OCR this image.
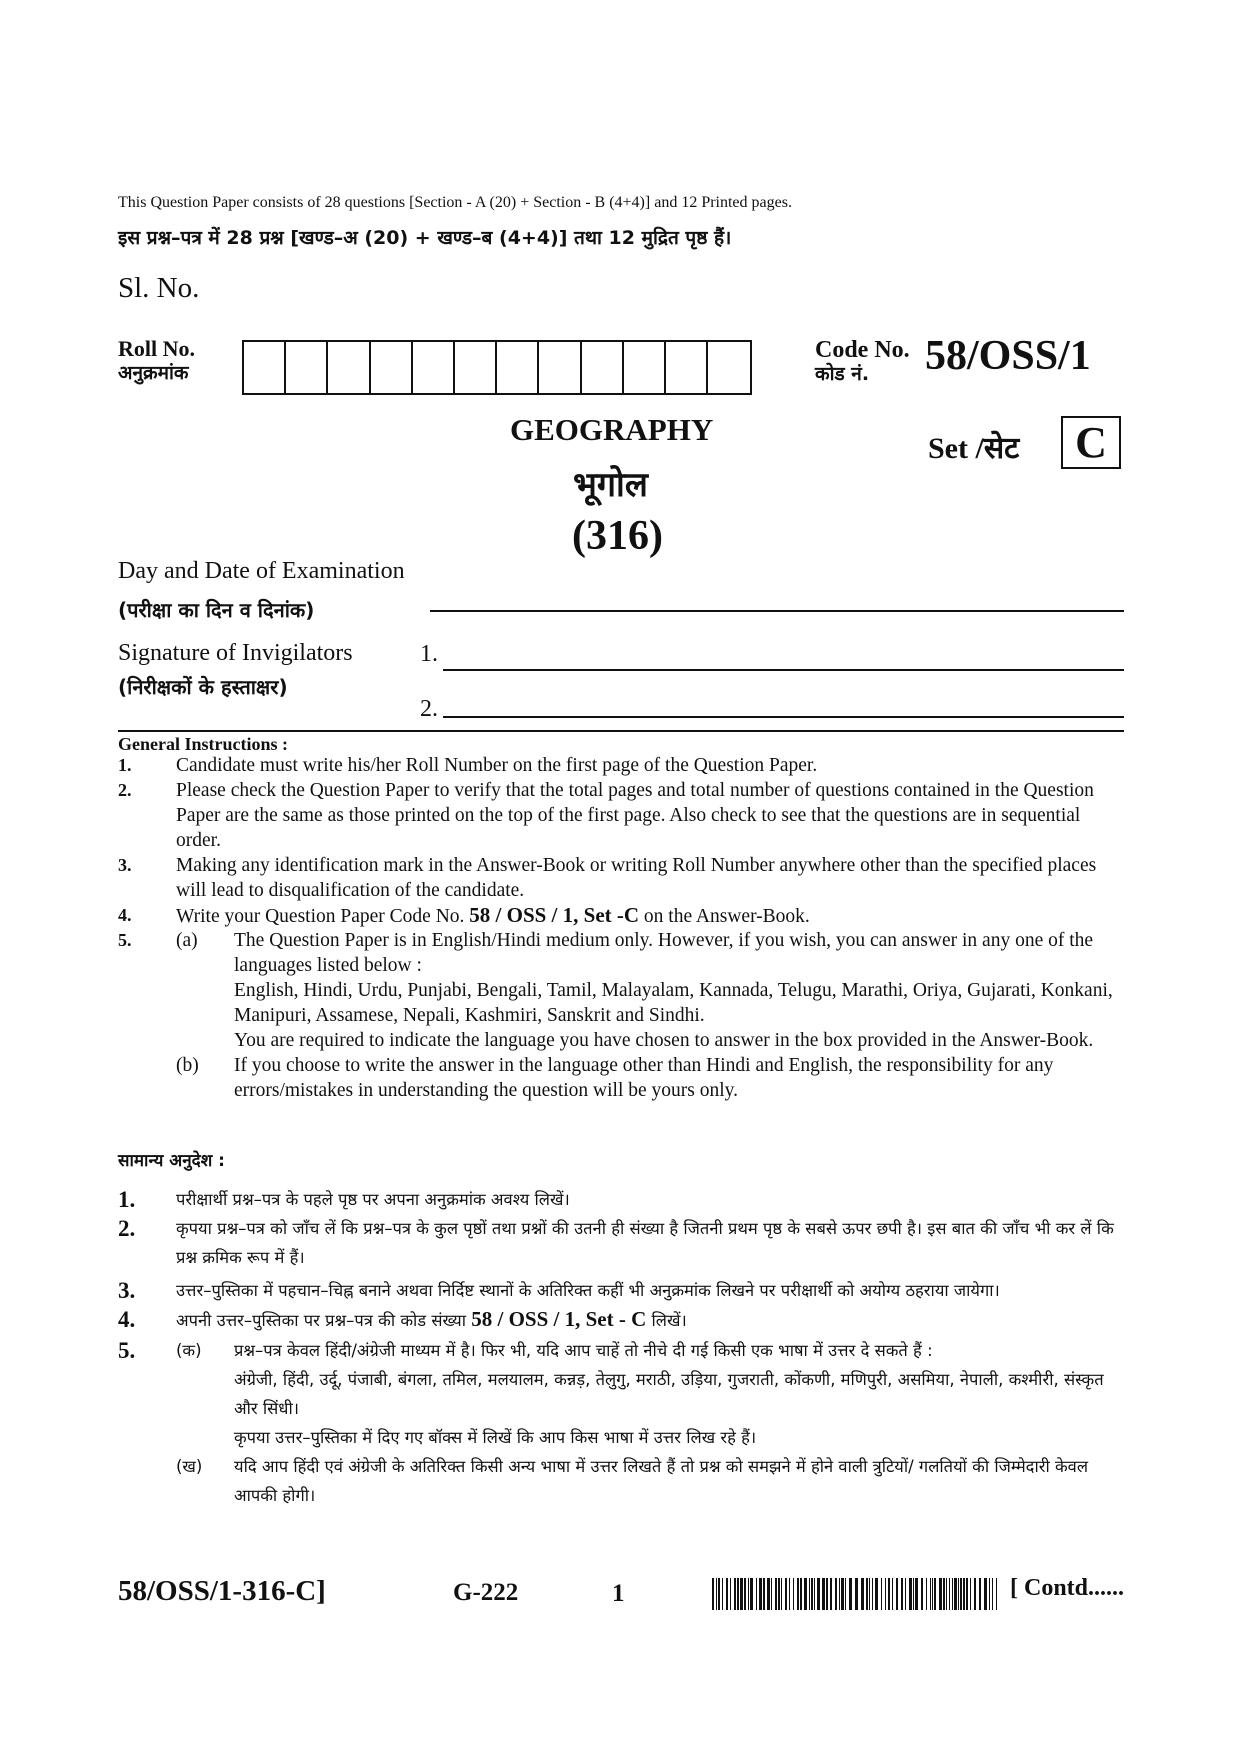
This Question Paper consists of 28 questions [Section - A (20) + Section - B (4+4)] and 12 Printed pages.
इस प्रश्न–पत्र में 28 प्रश्न [खण्ड–अ (20) + खण्ड–ब (4+4)] तथा 12 मुद्रित पृष्ठ हैं।
Sl. No.
Roll No.
अनुक्रमांक
Code No.
कोड नं.	58/OSS/1
GEOGRAPHY
भूगोल
(316)
Set /सेट	C
Day and Date of Examination
(परीक्षा का दिन व दिनांक)
Signature of Invigilators
(निरीक्षकों के हस्ताक्षर)
1.
2.
General Instructions :
1. Candidate must write his/her Roll Number on the first page of the Question Paper.
2. Please check the Question Paper to verify that the total pages and total number of questions contained in the Question Paper are the same as those printed on the top of the first page. Also check to see that the questions are in sequential order.
3. Making any identification mark in the Answer-Book or writing Roll Number anywhere other than the specified places will lead to disqualification of the candidate.
4. Write your Question Paper Code No. 58 / OSS / 1, Set -C on the Answer-Book.
5. (a) The Question Paper is in English/Hindi medium only. However, if you wish, you can answer in any one of the languages listed below :
English, Hindi, Urdu, Punjabi, Bengali, Tamil, Malayalam, Kannada, Telugu, Marathi, Oriya, Gujarati, Konkani, Manipuri, Assamese, Nepali, Kashmiri, Sanskrit and Sindhi.
You are required to indicate the language you have chosen to answer in the box provided in the Answer-Book.
(b) If you choose to write the answer in the language other than Hindi and English, the responsibility for any errors/mistakes in understanding the question will be yours only.
सामान्य अनुदेश :
1. परीक्षार्थी प्रश्न–पत्र के पहले पृष्ठ पर अपना अनुक्रमांक अवश्य लिखें।
2. कृपया प्रश्न–पत्र को जाँच लें कि प्रश्न–पत्र के कुल पृष्ठों तथा प्रश्नों की उतनी ही संख्या है जितनी प्रथम पृष्ठ के सबसे ऊपर छपी है। इस बात की जाँच भी कर लें कि प्रश्न क्रमिक रूप में हैं।
3. उत्तर–पुस्तिका में पहचान–चिह्न बनाने अथवा निर्दिष्ट स्थानों के अतिरिक्त कहीं भी अनुक्रमांक लिखने पर परीक्षार्थी को अयोग्य ठहराया जायेगा।
4. अपनी उत्तर–पुस्तिका पर प्रश्न–पत्र की कोड संख्या 58 / OSS / 1, Set - C लिखें।
5. (क) प्रश्न–पत्र केवल हिंदी/अंग्रेजी माध्यम में है। फिर भी, यदि आप चाहें तो नीचे दी गई किसी एक भाषा में उत्तर दे सकते हैं :
अंग्रेजी, हिंदी, उर्दू, पंजाबी, बंगला, तमिल, मलयालम, कन्नड़, तेलुगु, मराठी, उड़िया, गुजराती, कोंकणी, मणिपुरी, असमिया, नेपाली, कश्मीरी, संस्कृत और सिंधी।
कृपया उत्तर–पुस्तिका में दिए गए बॉक्स में लिखें कि आप किस भाषा में उत्तर लिख रहे हैं।
(ख) यदि आप हिंदी एवं अंग्रेजी के अतिरिक्त किसी अन्य भाषा में उत्तर लिखते हैं तो प्रश्न को समझने में होने वाली त्रुटियों/ गलतियों की जिम्मेदारी केवल आपकी होगी।
58/OSS/1-316-C]	G-222	1	[ Contd......
